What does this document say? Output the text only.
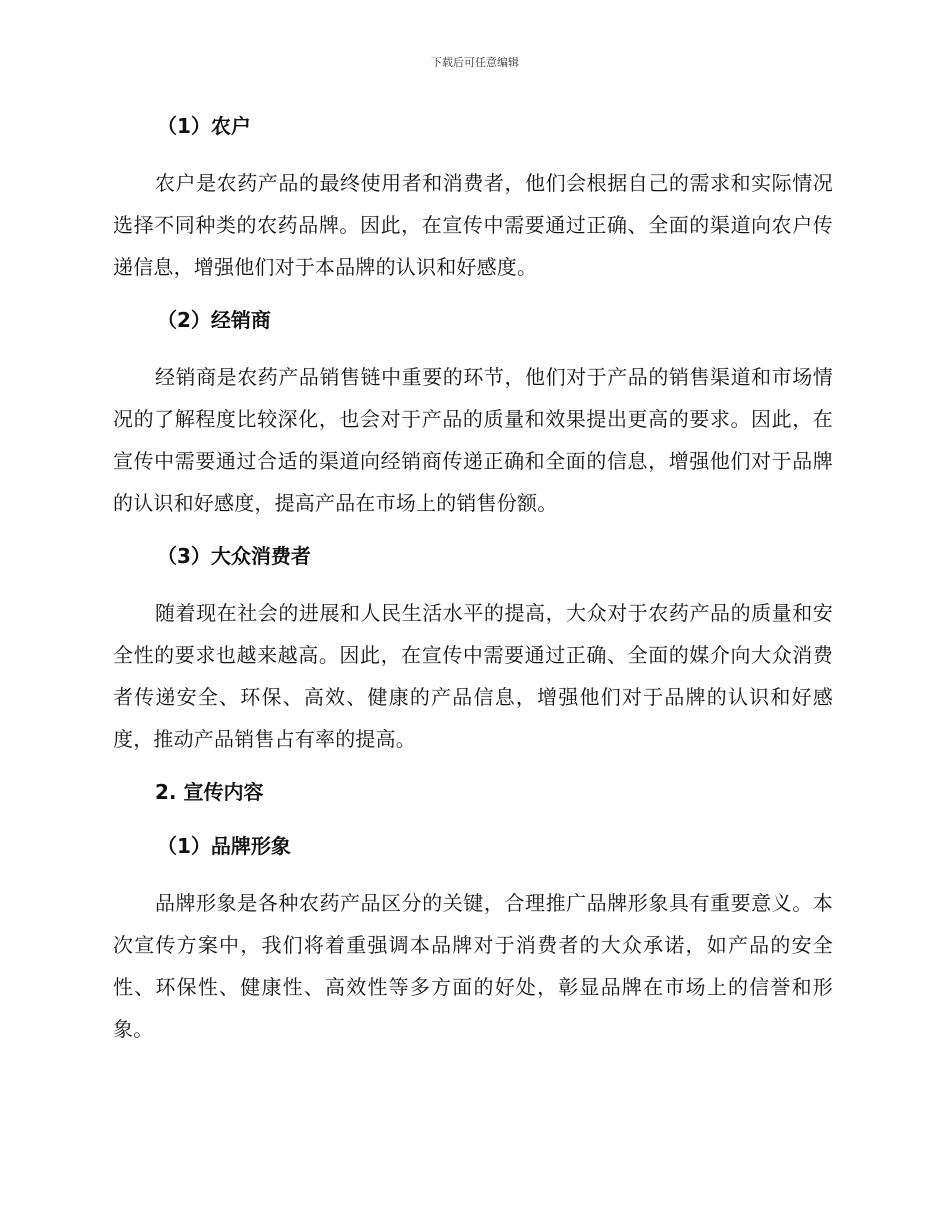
下载后可任意编辑

（1）农户

农户是农药产品的最终使用者和消费者，他们会根据自己的需求和实际情况选择不同种类的农药品牌。因此，在宣传中需要通过正确、全面的渠道向农户传递信息，增强他们对于本品牌的认识和好感度。

（2）经销商

经销商是农药产品销售链中重要的环节，他们对于产品的销售渠道和市场情况的了解程度比较深化，也会对于产品的质量和效果提出更高的要求。因此，在宣传中需要通过合适的渠道向经销商传递正确和全面的信息，增强他们对于品牌的认识和好感度，提高产品在市场上的销售份额。

（3）大众消费者

随着现在社会的进展和人民生活水平的提高，大众对于农药产品的质量和安全性的要求也越来越高。因此，在宣传中需要通过正确、全面的媒介向大众消费者传递安全、环保、高效、健康的产品信息，增强他们对于品牌的认识和好感度，推动产品销售占有率的提高。

2. 宣传内容

（1）品牌形象

品牌形象是各种农药产品区分的关键，合理推广品牌形象具有重要意义。本次宣传方案中，我们将着重强调本品牌对于消费者的大众承诺，如产品的安全性、环保性、健康性、高效性等多方面的好处，彰显品牌在市场上的信誉和形象。
